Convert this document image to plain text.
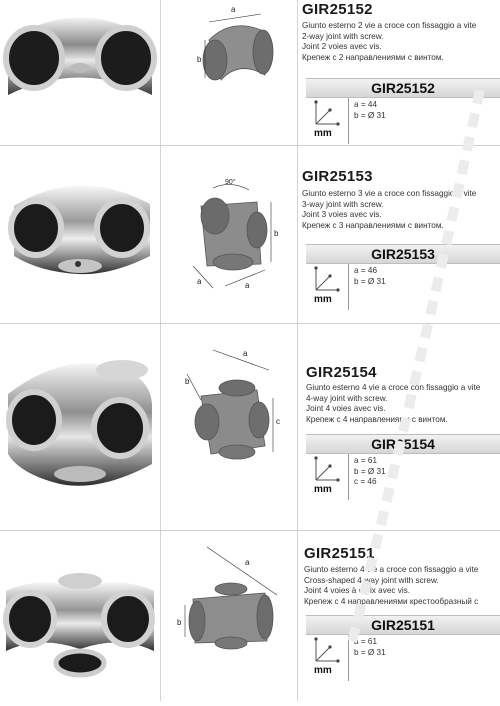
a
b
GIR25152
Giunto esterno 2 vie a croce con fissaggio a vite
2-way joint with screw.
Joint 2 voies avec vis.
Крепеж с 2 направлениями с винтом.
GIR25152
mm
a = 44
b = Ø 31
90°
b
a	a
GIR25153
Giunto esterno 3 vie a croce con fissaggio a vite
3-way joint with screw.
Joint 3 voies avec vis.
Крепеж с 3 направлениями с винтом.
GIR25153
mm
a = 46
b = Ø 31
a
b
c
GIR25154
Giunto esterno 4 vie a croce con fissaggio a vite
4-way joint with screw.
Joint 4 voies avec vis.
Крепеж с 4 направлениями с винтом.
GIR25154
mm
a = 61
b = Ø 31
c = 46
a
b
GIR25151
Giunto esterno 4 vie a croce con fissaggio a vite
Cross-shaped 4-way joint with screw.
Joint 4 voies à croix avec vis.
Крепеж с 4 направлениями крестообразный с
GIR25151
mm
a = 61
b = Ø 31
